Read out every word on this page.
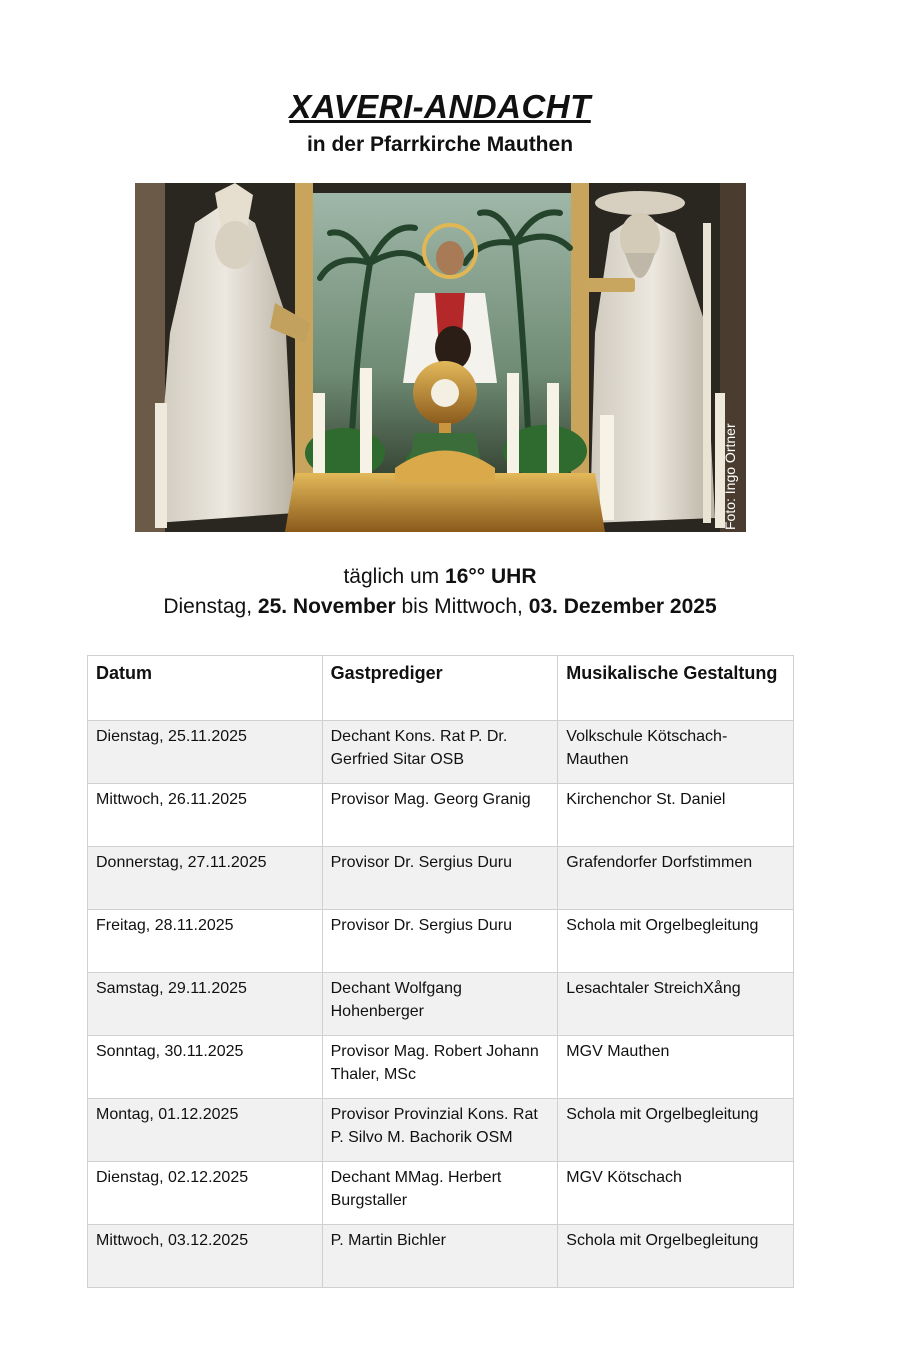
XAVERI-ANDACHT
in der Pfarrkirche Mauthen
Foto: Ingo Ortner
täglich um 16°° UHR
Dienstag, 25. November bis Mittwoch, 03. Dezember 2025
Datum	Gastprediger	Musikalische Gestaltung
Dienstag, 25.11.2025	Dechant Kons. Rat P. Dr. Gerfried Sitar OSB	Volkschule Kötschach-Mauthen
Mittwoch, 26.11.2025	Provisor Mag. Georg Granig	Kirchenchor St. Daniel
Donnerstag, 27.11.2025	Provisor Dr. Sergius Duru	Grafendorfer Dorfstimmen
Freitag, 28.11.2025	Provisor Dr. Sergius Duru	Schola mit Orgelbegleitung
Samstag, 29.11.2025	Dechant Wolfgang Hohenberger	Lesachtaler StreichXång
Sonntag, 30.11.2025	Provisor Mag. Robert Johann Thaler, MSc	MGV Mauthen
Montag, 01.12.2025	Provisor Provinzial Kons. Rat P. Silvo M. Bachorik OSM	Schola mit Orgelbegleitung
Dienstag, 02.12.2025	Dechant MMag. Herbert Burgstaller	MGV Kötschach
Mittwoch, 03.12.2025	P. Martin Bichler	Schola mit Orgelbegleitung
